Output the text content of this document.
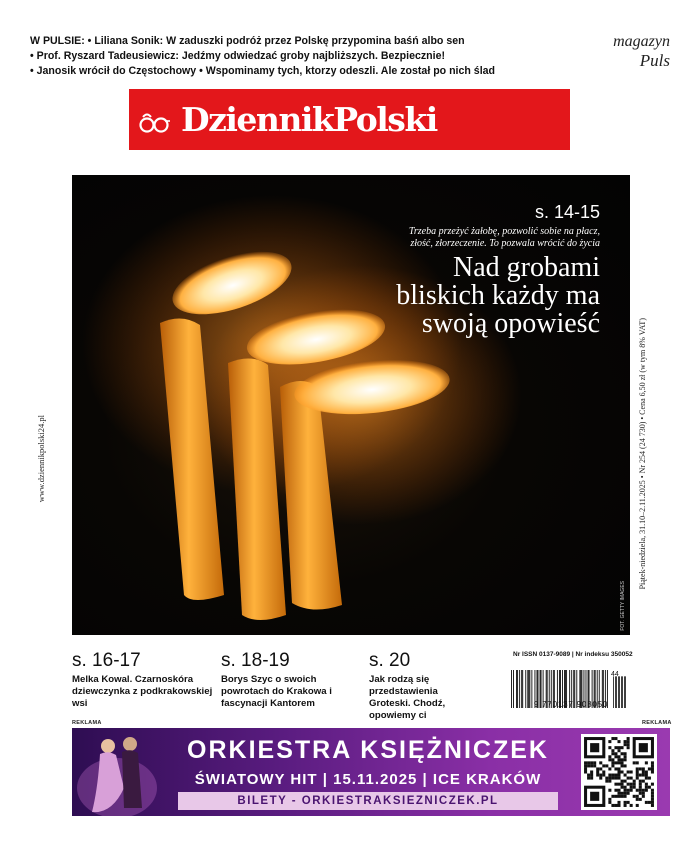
W PULSIE: • Liliana Sonik: W zaduszki podróż przez Polskę przypomina baśń albo sen
• Prof. Ryszard Tadeusiewicz: Jedźmy odwiedzać groby najbliższych. Bezpiecznie!
• Janosik wrócił do Częstochowy • Wspominamy tych, ktorzy odeszli. Ale został po nich ślad
magazyn
Puls
DziennikPolski
FOT. GETTY IMAGES
s. 14-15
Trzeba przeżyć żałobę, pozwolić sobie na płacz,
złość, złorzeczenie. To pozwala wrócić do życia
Nad grobami
bliskich każdy ma
swoją opowieść
www.dziennikpolski24.pl	Piątek-niedziela, 31.10–2.11.2025 • Nr 254 (24 730) • Cena 6,50 zł (w tym 8% VAT)
s. 16-17
Melka Kowal. Czarnoskóra dziewczynka z podkrakowskiej wsi
s. 18-19
Borys Szyc o swoich powrotach do Krakowa i fascynacji Kantorem
s. 20
Jak rodzą się przedstawienia Groteski. Chodź, opowiemy ci
Nr ISSN 0137-9089 | Nr indeksu 350052
44
9 770137 908050
REKLAMA	REKLAMA
ORKIESTRA KSIĘŻNICZEK
ŚWIATOWY HIT | 15.11.2025 | ICE KRAKÓW
BILETY - ORKIESTRAKSIEZNICZEK.PL
